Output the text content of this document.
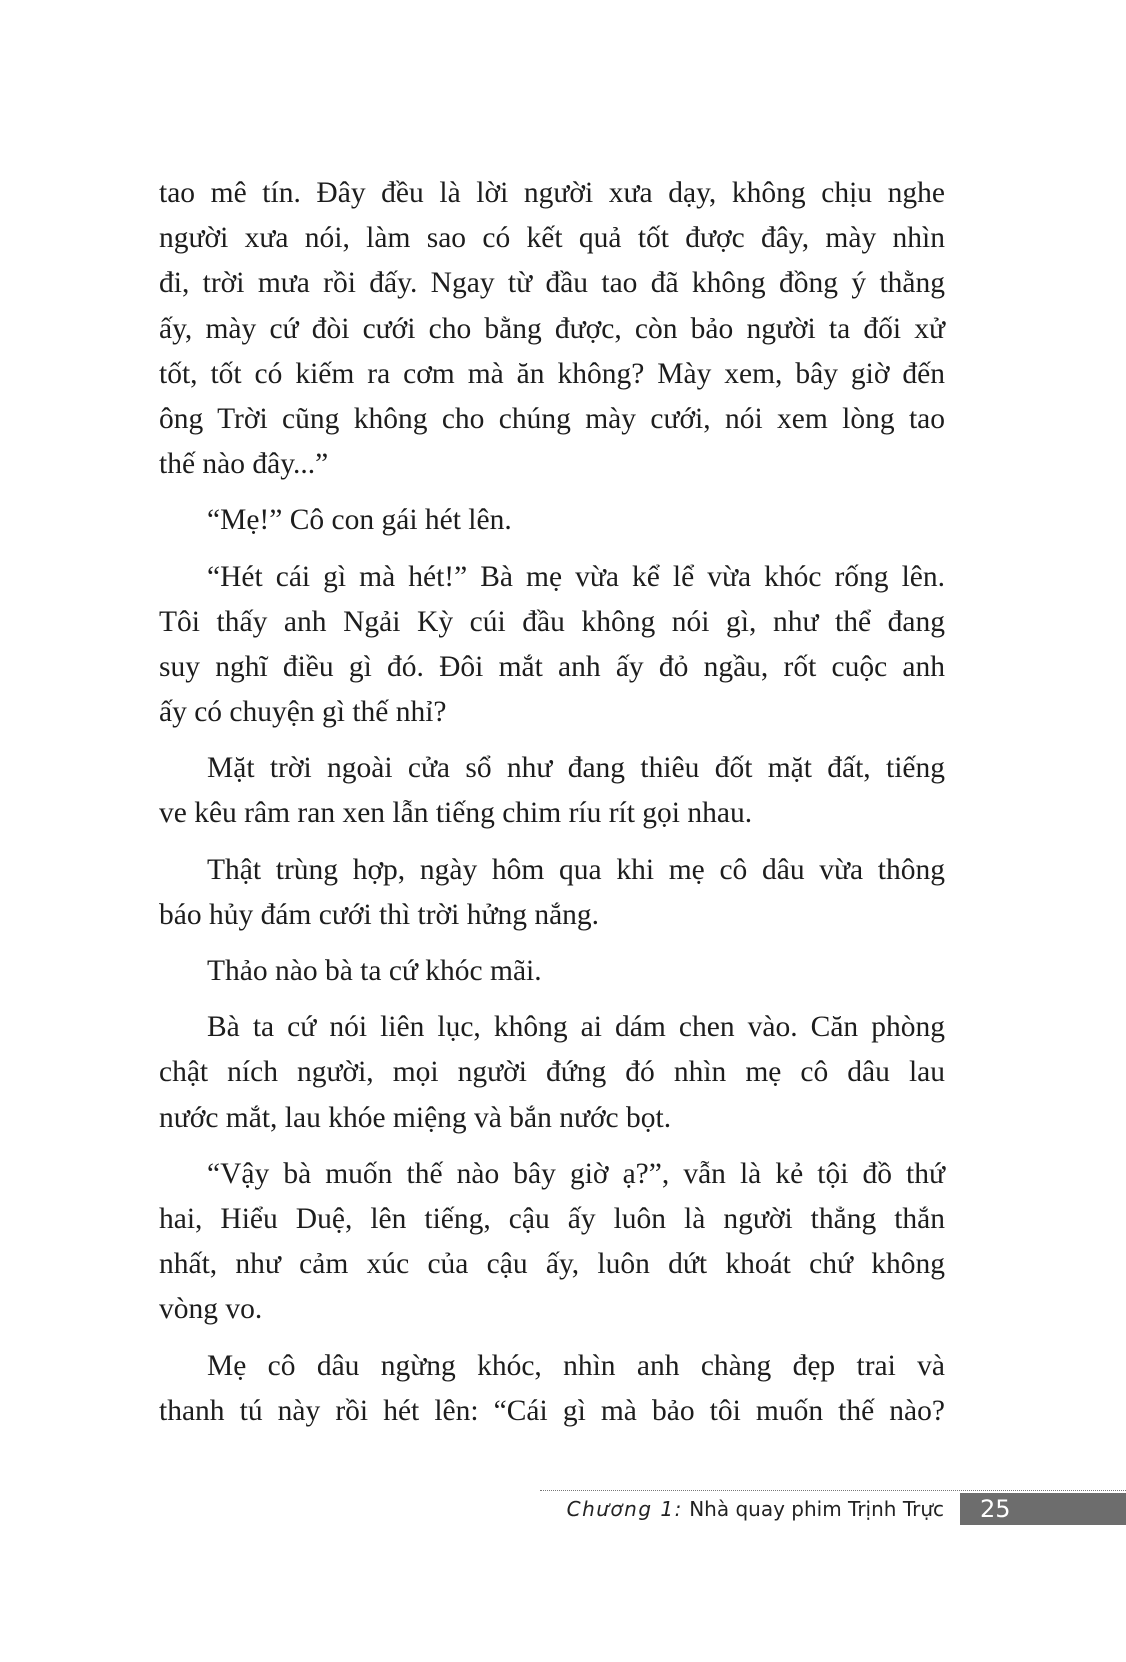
tao mê tín. Đây đều là lời người xưa dạy, không chịu nghe
người xưa nói, làm sao có kết quả tốt được đây, mày nhìn
đi, trời mưa rồi đấy. Ngay từ đầu tao đã không đồng ý thằng
ấy, mày cứ đòi cưới cho bằng được, còn bảo người ta đối xử
tốt, tốt có kiếm ra cơm mà ăn không? Mày xem, bây giờ đến
ông Trời cũng không cho chúng mày cưới, nói xem lòng tao
thế nào đây...”
“Mẹ!” Cô con gái hét lên.
“Hét cái gì mà hét!” Bà mẹ vừa kể lể vừa khóc rống lên.
Tôi thấy anh Ngải Kỳ cúi đầu không nói gì, như thể đang
suy nghĩ điều gì đó. Đôi mắt anh ấy đỏ ngầu, rốt cuộc anh
ấy có chuyện gì thế nhỉ?
Mặt trời ngoài cửa sổ như đang thiêu đốt mặt đất, tiếng
ve kêu râm ran xen lẫn tiếng chim ríu rít gọi nhau.
Thật trùng hợp, ngày hôm qua khi mẹ cô dâu vừa thông
báo hủy đám cưới thì trời hửng nắng.
Thảo nào bà ta cứ khóc mãi.
Bà ta cứ nói liên lục, không ai dám chen vào. Căn phòng
chật ních người, mọi người đứng đó nhìn mẹ cô dâu lau
nước mắt, lau khóe miệng và bắn nước bọt.
“Vậy bà muốn thế nào bây giờ ạ?”, vẫn là kẻ tội đồ thứ
hai, Hiểu Duệ, lên tiếng, cậu ấy luôn là người thẳng thắn
nhất, như cảm xúc của cậu ấy, luôn dứt khoát chứ không
vòng vo.
Mẹ cô dâu ngừng khóc, nhìn anh chàng đẹp trai và
thanh tú này rồi hét lên: “Cái gì mà bảo tôi muốn thế nào?
Chương 1: Nhà quay phim Trịnh Trực 25
